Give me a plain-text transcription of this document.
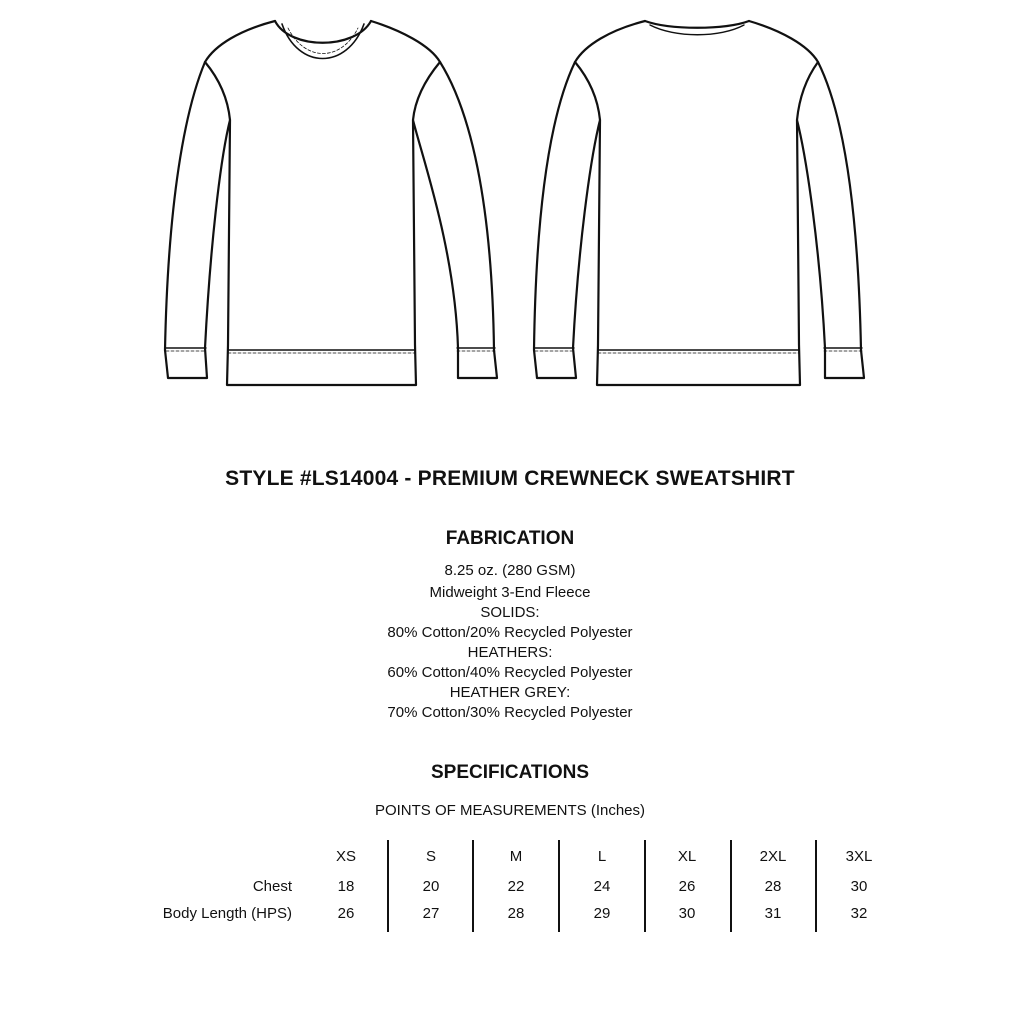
STYLE #LS14004 - PREMIUM CREWNECK SWEATSHIRT
FABRICATION
8.25 oz. (280 GSM)
Midweight 3-End Fleece
SOLIDS:
80% Cotton/20% Recycled Polyester
HEATHERS:
60% Cotton/40% Recycled Polyester
HEATHER GREY:
70% Cotton/30% Recycled Polyester
SPECIFICATIONS
POINTS OF MEASUREMENTS (Inches)
Chest
Body Length (HPS)
XS
18
26
S
20
27
M
22
28
L
24
29
XL
26
30
2XL
28
31
3XL
30
32
